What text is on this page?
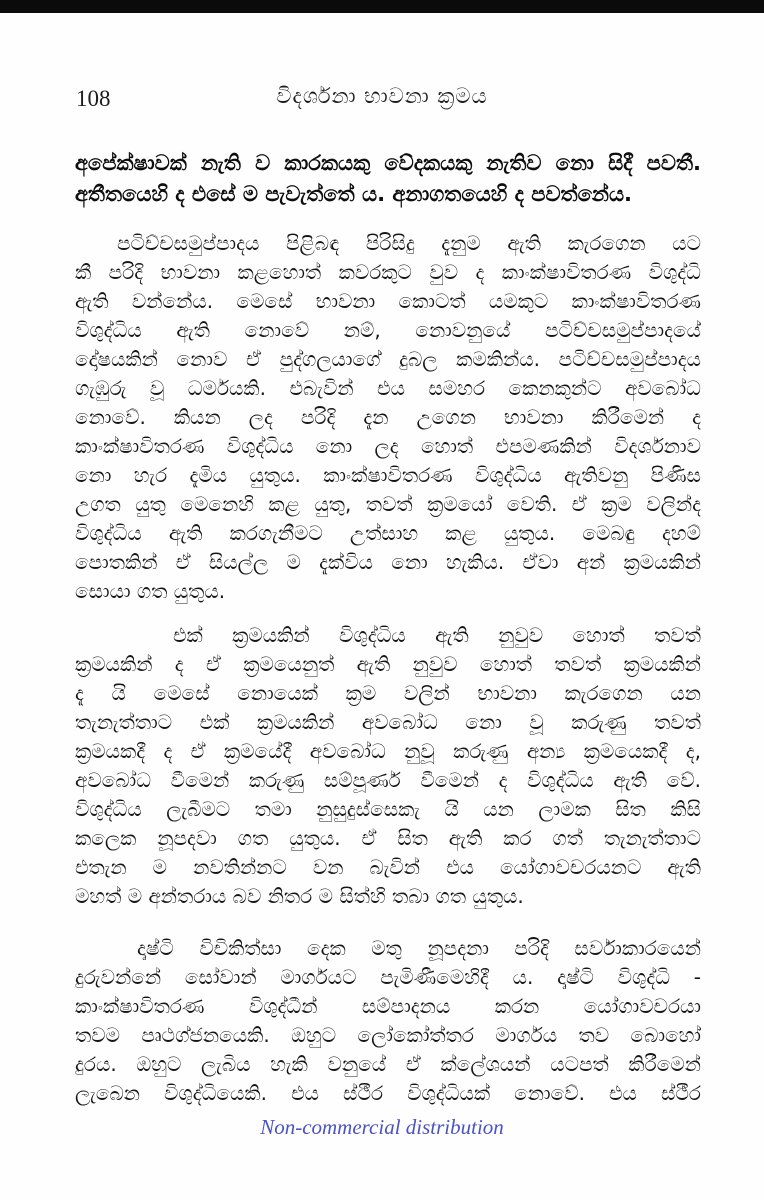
108	විදර්ශනා භාවනා ක්‍රමය
අපේක්ෂාවක් නැති ව කාරකයකු වේදකයකු නැතිව නො සිදී පවතී.
අතීතයෙහි ද එසේ ම පැවැත්තේ ය. අනාගතයෙහි ද පවත්නේය.
පටිච්චසමුප්පාදය පිළිබඳ පිරිසිදු දැනුම ඇති කැරගෙන යට
කී පරිදි භාවනා කළහොත් කවරකුට වුව ද කාංක්ෂාවිතරණ විශුද්ධි
ඇති වන්නේය. මෙසේ භාවනා කොටත් යමකුට කාංක්ෂාවිතරණ
විශුද්ධිය ඇති නොවේ නම්, නොවනුයේ පටිච්චසමුප්පාදයේ
දෝෂයකින් නොව ඒ පුද්ගලයාගේ දුබල කමකින්ය. පටිච්චසමුප්පාදය
ගැඹුරු වූ ධර්මයකි. එබැවින් එය සමහර කෙනකුන්ට අවබෝධ
නොවේ. කියන ලද පරිදි දැන උගෙන භාවනා කිරීමෙන් ද
කාංක්ෂාවිතරණ විශුද්ධිය නො ලද හොත් එපමණකින් විදර්ශනාව
නො හැර දැමිය යුතුය. කාංක්ෂාවිතරණ විශුද්ධිය ඇතිවනු පිණිස
උගත යුතු මෙනෙහි කළ යුතු, තවත් ක්‍රමයෝ වෙති. ඒ ක්‍රම වලින්ද
විශුද්ධිය ඇති කරගැනීමට උත්සාහ කළ යුතුය. මෙබඳු දහම්
පොතකින් ඒ සියල්ල ම දැක්විය නො හැකිය. ඒවා අන් ක්‍රමයකින්
සොයා ගත යුතුය.
එක් ක්‍රමයකින් විශුද්ධිය ඇති නුවුව හොත් තවත්
ක්‍රමයකින් ද ඒ ක්‍රමයෙනුත් ඇති නුවුව හොත් තවත් ක්‍රමයකින්
දැ යි මෙසේ නොයෙක් ක්‍රම වලින් භාවනා කැරගෙන යන
තැනැත්තාට එක් ක්‍රමයකින් අවබෝධ නො වූ කරුණු තවත්
ක්‍රමයකදී ද ඒ ක්‍රමයේදී අවබෝධ නුවූ කරුණු අන්‍ය ක්‍රමයෙකදී ද,
අවබෝධ වීමෙන් කරුණු සම්පූර්ණ වීමෙන් ද විශුද්ධිය ඇති වේ.
විශුද්ධිය ලැබීමට තමා නුසුදුස්සෙකැ යි යන ලාමක සිත කිසි
කලෙක නූපදවා ගත යුතුය. ඒ සිත ඇති කර ගත් තැනැත්තාට
එතැන ම නවතින්නට වන බැවින් එය යෝගාවචරයනට ඇති
මහත් ම අන්තරාය බව නිතර ම සිත්හි තබා ගත යුතුය.
දෘෂ්ටි විචිකිත්සා දෙක මතු නූපදනා පරිදි සර්වාකාරයෙන්
දුරුවන්නේ සෝවාන් මාර්ගයට පැමිණීමෙහිදී ය. දෘෂ්ටි විශුද්ධි -
කාංක්ෂාවිතරණ විශුද්ධීන් සම්පාදනය කරන යෝගාවචරයා
තවම පෘථග්ජනයෙකි. ඔහුට ලෝකෝත්තර මාර්ගය තව බොහෝ
දුරය. ඔහුට ලැබිය හැකි වනුයේ ඒ ක්ලේශයන් යටපත් කිරීමෙන්
ලැබෙන විශුද්ධියෙකි. එය ස්ථීර විශුද්ධියක් නොවේ. එය ස්ථීර
Non-commercial distribution
